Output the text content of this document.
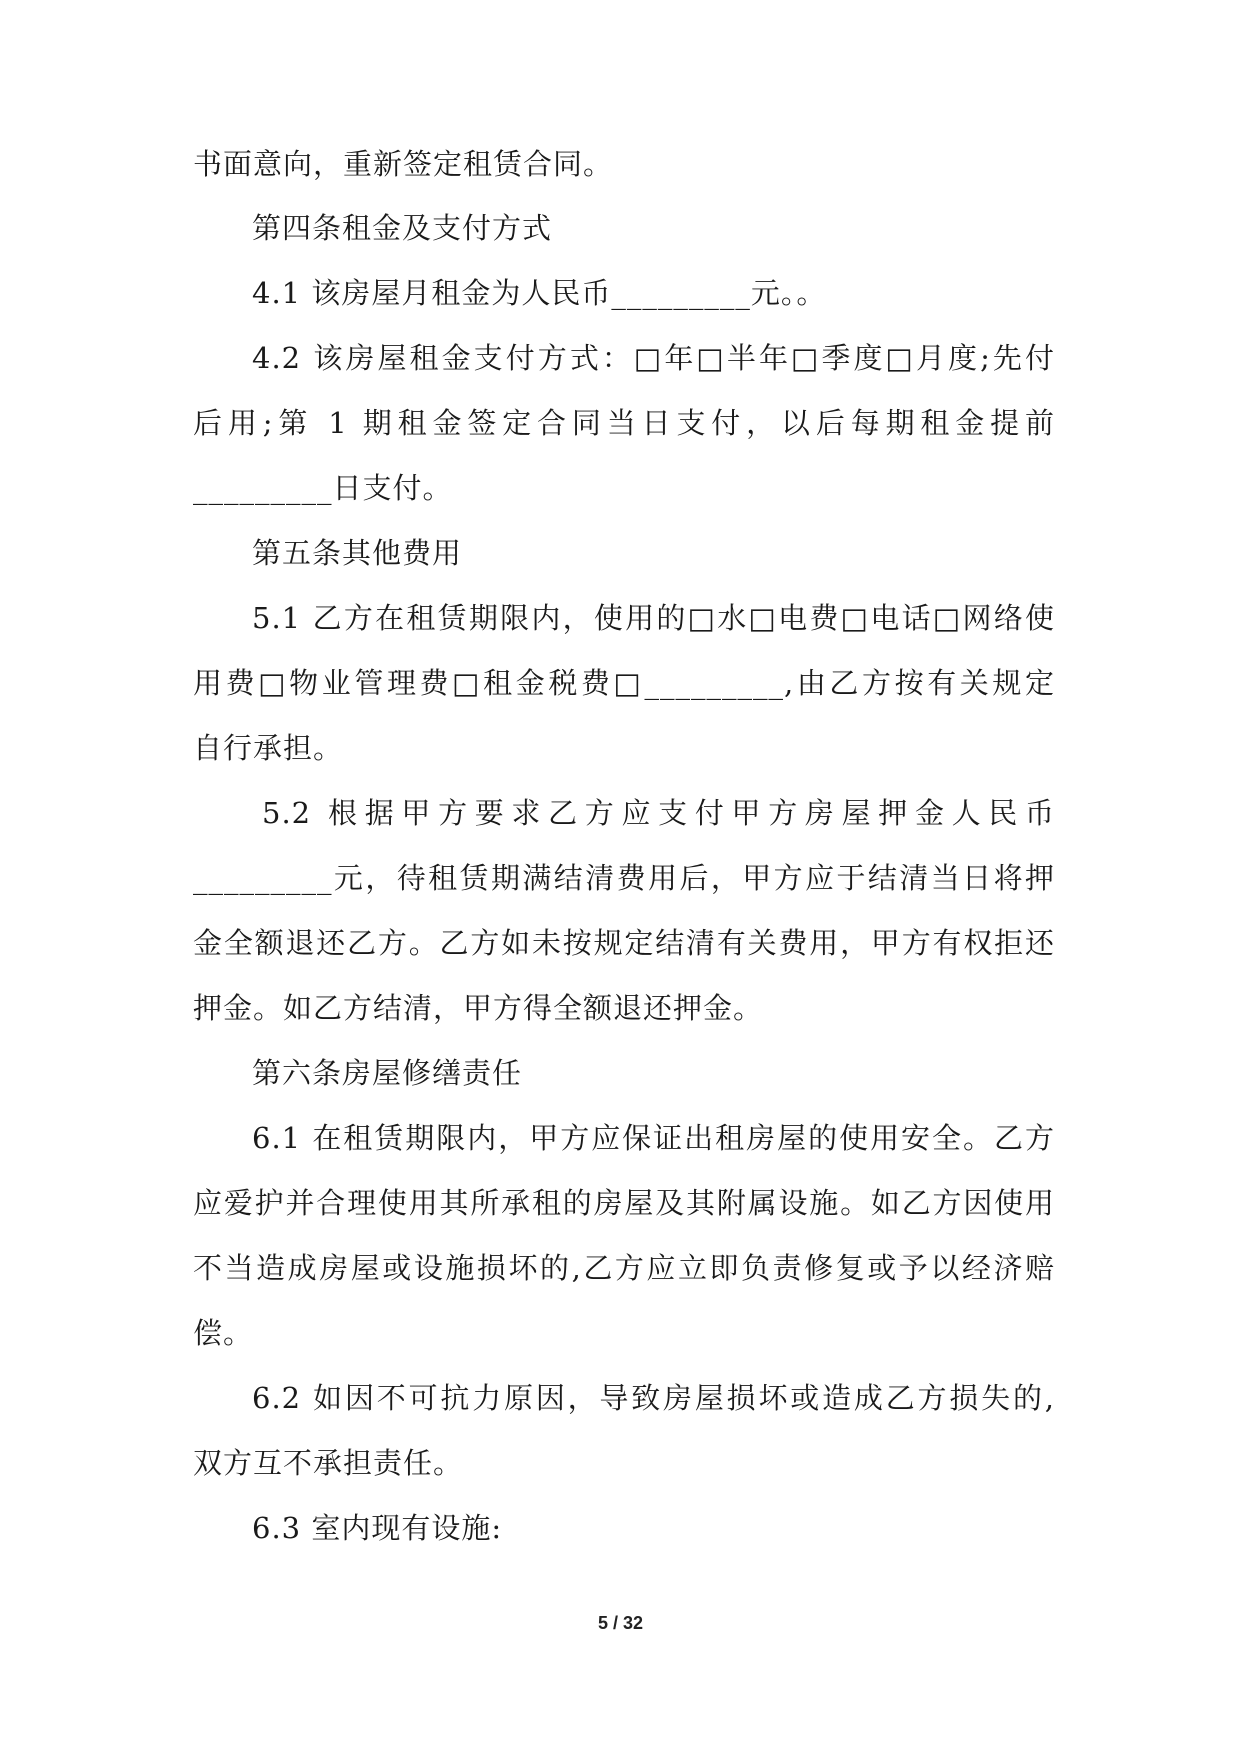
书面意向，重新签定租赁合同。
第四条租金及支付方式
4.1 该房屋月租金为人民币_________元。。
4.2 该房屋租金支付方式：□年□半年□季度□月度;先付
后用;第 1 期租金签定合同当日支付，以后每期租金提前
_________日支付。
第五条其他费用
5.1 乙方在租赁期限内，使用的□水□电费□电话□网络使
用费□物业管理费□租金税费□_________,由乙方按有关规定
自行承担。
5.2 根据甲方要求乙方应支付甲方房屋押金人民币
_________元，待租赁期满结清费用后，甲方应于结清当日将押
金全额退还乙方。乙方如未按规定结清有关费用，甲方有权拒还
押金。如乙方结清，甲方得全额退还押金。
第六条房屋修缮责任
6.1 在租赁期限内，甲方应保证出租房屋的使用安全。乙方
应爱护并合理使用其所承租的房屋及其附属设施。如乙方因使用
不当造成房屋或设施损坏的,乙方应立即负责修复或予以经济赔
偿。
6.2 如因不可抗力原因，导致房屋损坏或造成乙方损失的,
双方互不承担责任。
6.3 室内现有设施:
5 / 32
